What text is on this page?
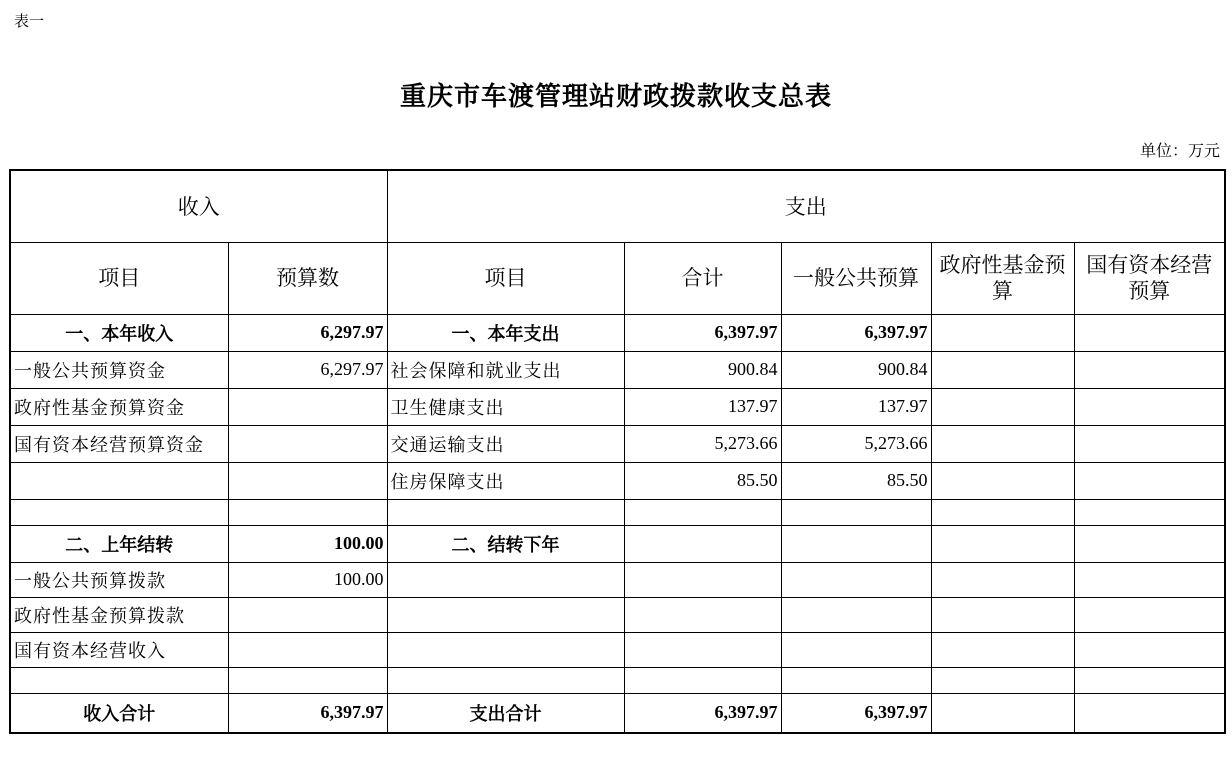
表一
重庆市车渡管理站财政拨款收支总表
单位：万元
收入		支出				
项目	预算数	项目	合计	一般公共预算	政府性基金预算	国有资本经营预算
一、本年收入	6,297.97	一、本年支出	6,397.97	6,397.97		
一般公共预算资金	6,297.97	社会保障和就业支出	900.84	900.84		
政府性基金预算资金		卫生健康支出	137.97	137.97		
国有资本经营预算资金		交通运输支出	5,273.66	5,273.66		
		住房保障支出	85.50	85.50		

二、上年结转	100.00	二、结转下年				
一般公共预算拨款	100.00					
政府性基金预算拨款						
国有资本经营收入						

收入合计	6,397.97	支出合计	6,397.97	6,397.97		
